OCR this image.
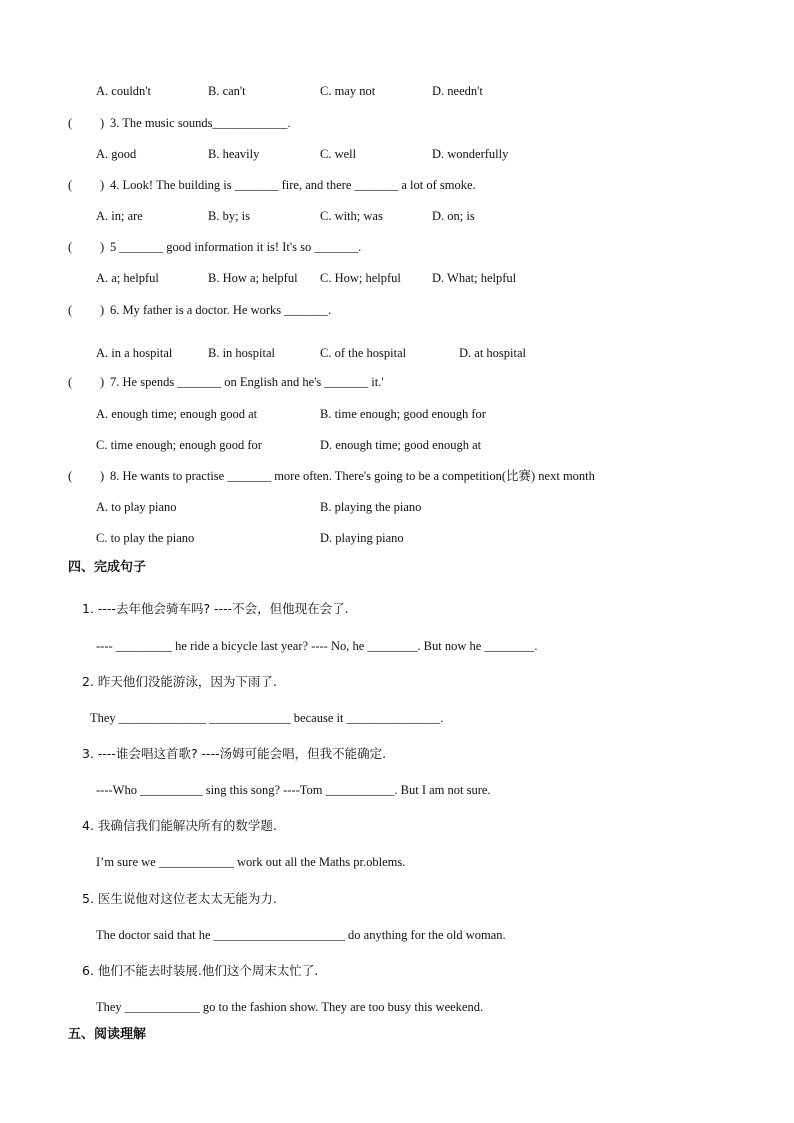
A. couldn't	B. can't	C. may not	D. needn't
( ) 3. The music sounds____________.
A. good	B. heavily	C. well	D. wonderfully
( ) 4. Look! The building is _______ fire, and there _______ a lot of smoke.
A. in; are	B. by; is	C. with; was	D. on; is
( ) 5 _______ good information it is! It's so _______.
A. a; helpful	B. How a; helpful C. How; helpful D. What; helpful
( ) 6. My father is a doctor. He works _______.
A. in a hospital	B. in hospital	C. of the hospital	D. at hospital
( ) 7. He spends _______ on English and he's _______ it.'
A. enough time; enough good at	B. time enough; good enough for
C. time enough; enough good for	D. enough time; good enough at
( ) 8. He wants to practise _______ more often. There's going to be a competition(比赛) next month
A. to play piano	B. playing the piano
C. to play the piano	D. playing piano
四、完成句子
1. ----去年他会骑车吗? ----不会，但他现在会了.
---- _________ he ride a bicycle last year? ---- No, he ________. But now he ________.
2. 昨天他们没能游泳，因为下雨了.
They ______________ _____________ because it _______________.
3. ----谁会唱这首歌? ----汤姆可能会唱，但我不能确定.
----Who __________ sing this song? ----Tom ___________. But I am not sure.
4. 我确信我们能解决所有的数学题.
I’m sure we ____________ work out all the Maths pr.oblems.
5. 医生说他对这位老太太无能为力.
The doctor said that he _____________________ do anything for the old woman.
6. 他们不能去时装展.他们这个周末太忙了.
They ____________ go to the fashion show. They are too busy this weekend.
五、阅读理解
